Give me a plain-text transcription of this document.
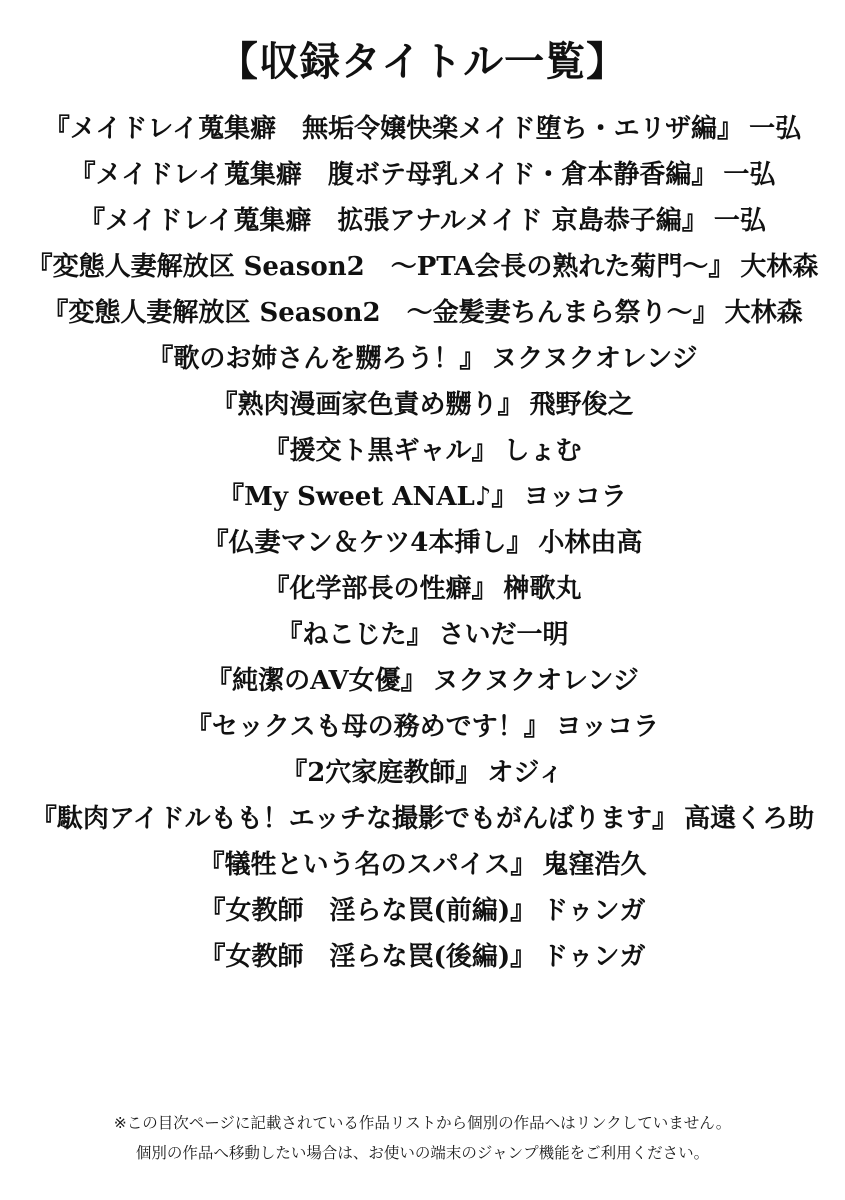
【収録タイトル一覧】
『メイドレイ蒐集癖　無垢令嬢快楽メイド堕ち・エリザ編』 一弘
『メイドレイ蒐集癖　腹ボテ母乳メイド・倉本静香編』 一弘
『メイドレイ蒐集癖　拡張アナルメイド 京島恭子編』 一弘
『変態人妻解放区 Season2　～PTA会長の熟れた菊門～』 大林森
『変態人妻解放区 Season2　～金髪妻ちんまら祭り～』 大林森
『歌のお姉さんを嬲ろう！』 ヌクヌクオレンジ
『熟肉漫画家色責め嬲り』 飛野俊之
『援交ト黒ギャル』 しょむ
『My Sweet ANAL♪』 ヨッコラ
『仏妻マン＆ケツ4本挿し』 小林由高
『化学部長の性癖』 榊歌丸
『ねこじた』 さいだ一明
『純潔のAV女優』 ヌクヌクオレンジ
『セックスも母の務めです！』 ヨッコラ
『2穴家庭教師』 オジィ
『駄肉アイドルもも！エッチな撮影でもがんばります』 高遠くろ助
『犠牲という名のスパイス』 鬼窪浩久
『女教師　淫らな罠(前編)』 ドゥンガ
『女教師　淫らな罠(後編)』 ドゥンガ
※この目次ページに記載されている作品リストから個別の作品へはリンクしていません。
個別の作品へ移動したい場合は、お使いの端末のジャンプ機能をご利用ください。
